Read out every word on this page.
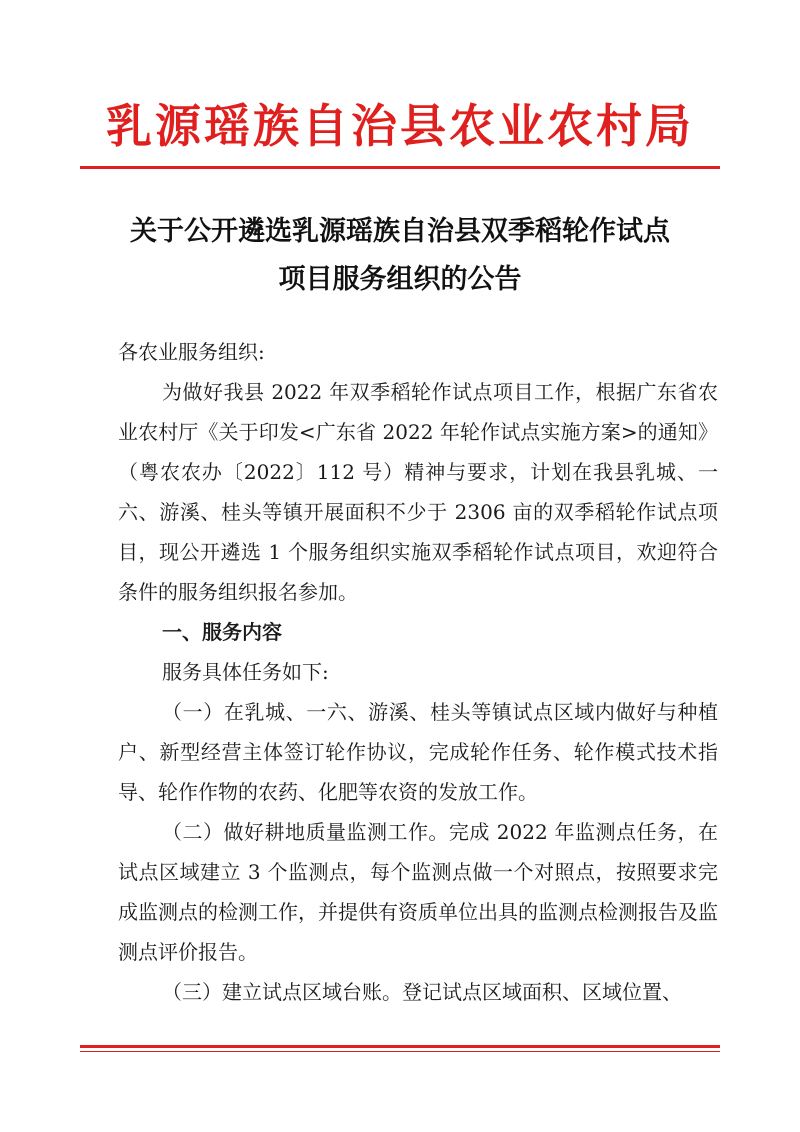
乳源瑶族自治县农业农村局
关于公开遴选乳源瑶族自治县双季稻轮作试点
项目服务组织的公告

各农业服务组织:

为做好我县 2022 年双季稻轮作试点项目工作，根据广东省农业农村厅《关于印发<广东省 2022 年轮作试点实施方案>的通知》（粤农农办〔2022〕112 号）精神与要求，计划在我县乳城、一六、游溪、桂头等镇开展面积不少于 2306 亩的双季稻轮作试点项目，现公开遴选 1 个服务组织实施双季稻轮作试点项目，欢迎符合条件的服务组织报名参加。

一、服务内容

服务具体任务如下:

（一）在乳城、一六、游溪、桂头等镇试点区域内做好与种植户、新型经营主体签订轮作协议，完成轮作任务、轮作模式技术指导、轮作作物的农药、化肥等农资的发放工作。

（二）做好耕地质量监测工作。完成 2022 年监测点任务，在试点区域建立 3 个监测点，每个监测点做一个对照点，按照要求完成监测点的检测工作，并提供有资质单位出具的监测点检测报告及监测点评价报告。

（三）建立试点区域台账。登记试点区域面积、区域位置、
